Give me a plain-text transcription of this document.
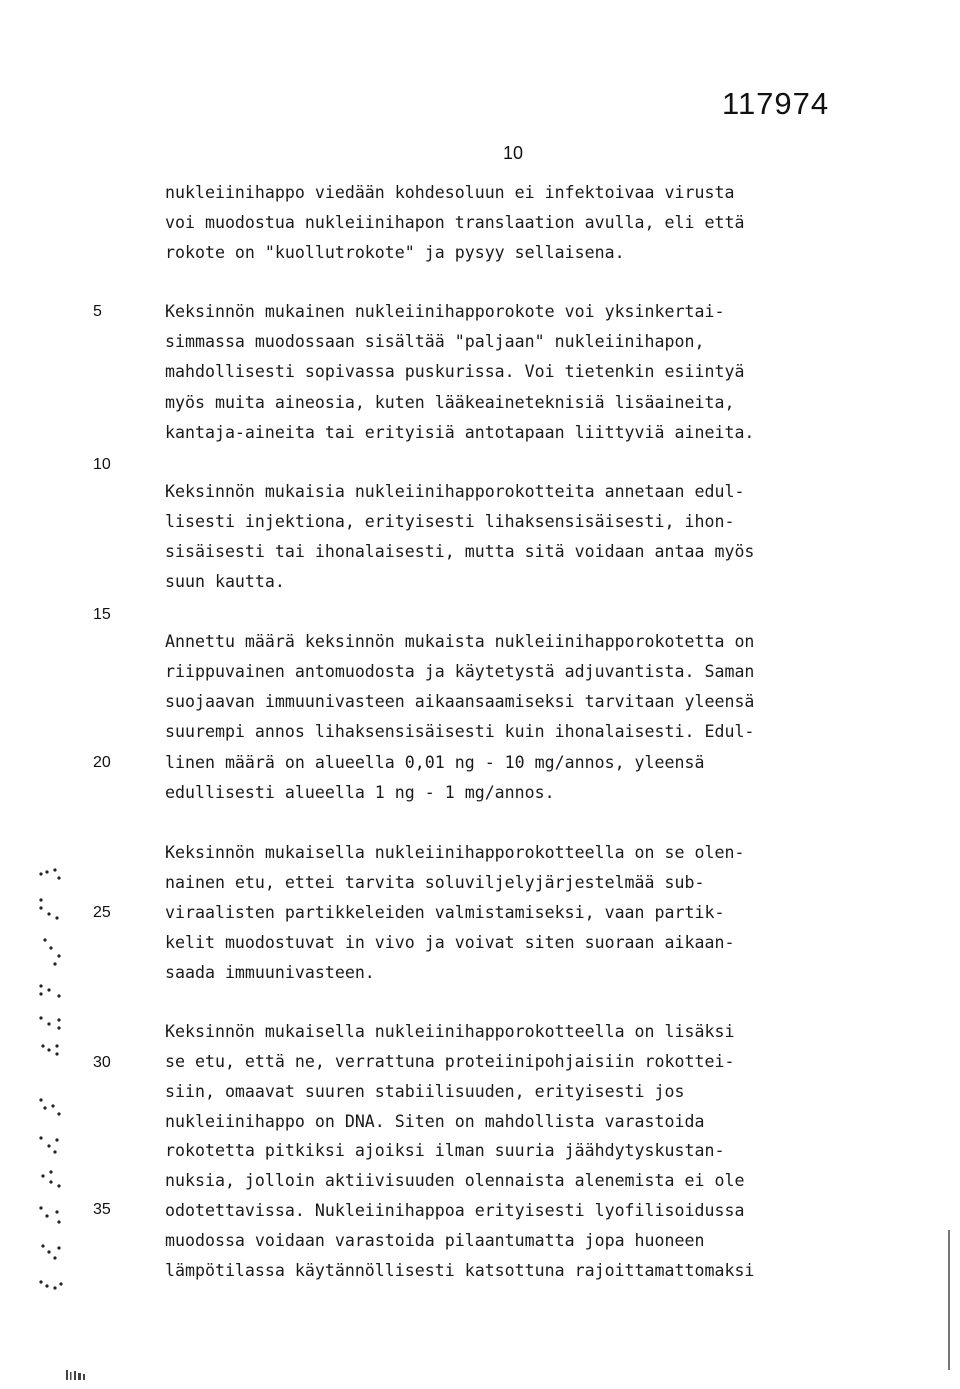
117974
10
5
10
15
20
25
30
35
nukleiinihappo viedään kohdesoluun ei infektoivaa virusta
voi muodostua nukleiinihapon translaation avulla, eli että
rokote on "kuollutrokote" ja pysyy sellaisena.
Keksinnön mukainen nukleiinihapporokote voi yksinkertai-
simmassa muodossaan sisältää "paljaan" nukleiinihapon,
mahdollisesti sopivassa puskurissa. Voi tietenkin esiintyä
myös muita aineosia, kuten lääkeaineteknisiä lisäaineita,
kantaja-aineita tai erityisiä antotapaan liittyviä aineita.
Keksinnön mukaisia nukleiinihapporokotteita annetaan edul-
lisesti injektiona, erityisesti lihaksensisäisesti, ihon-
sisäisesti tai ihonalaisesti, mutta sitä voidaan antaa myös
suun kautta.
Annettu määrä keksinnön mukaista nukleiinihapporokotetta on
riippuvainen antomuodosta ja käytetystä adjuvantista. Saman
suojaavan immuunivasteen aikaansaamiseksi tarvitaan yleensä
suurempi annos lihaksensisäisesti kuin ihonalaisesti. Edul-
linen määrä on alueella 0,01 ng - 10 mg/annos, yleensä
edullisesti alueella 1 ng - 1 mg/annos.
Keksinnön mukaisella nukleiinihapporokotteella on se olen-
nainen etu, ettei tarvita soluviljelyjärjestelmää sub-
viraalisten partikkeleiden valmistamiseksi, vaan partik-
kelit muodostuvat in vivo ja voivat siten suoraan aikaan-
saada immuunivasteen.
Keksinnön mukaisella nukleiinihapporokotteella on lisäksi
se etu, että ne, verrattuna proteiinipohjaisiin rokottei-
siin, omaavat suuren stabiilisuuden, erityisesti jos
nukleiinihappo on DNA. Siten on mahdollista varastoida
rokotetta pitkiksi ajoiksi ilman suuria jäähdytyskustan-
nuksia, jolloin aktiivisuuden olennaista alenemista ei ole
odotettavissa. Nukleiinihappoa erityisesti lyofilisoidussa
muodossa voidaan varastoida pilaantumatta jopa huoneen
lämpötilassa käytännöllisesti katsottuna rajoittamattomaksi
